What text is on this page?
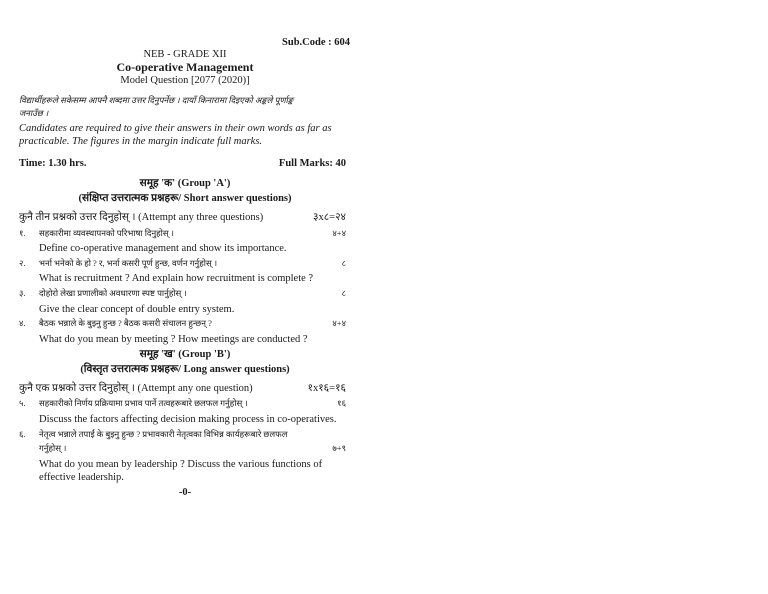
Sub.Code : 604
NEB - GRADE XII
Co-operative Management
Model Question [2077 (2020)]
विद्यार्थीहरूले सकेसम्म आफ्नै शब्दमा उत्तर दिनुपर्नेछ । दायाँ किनारामा दिइएको अङ्कले पूर्णाङ्क
जनाउँछ ।
Candidates are required to give their answers in their own words as far as
practicable. The figures in the margin indicate full marks.
Time: 1.30 hrs.	Full Marks: 40
समूह 'क' (Group 'A')
(संक्षिप्त उत्तरात्मक प्रश्नहरू/ Short answer questions)
कुनै तीन प्रश्नको उत्तर दिनुहोस् । (Attempt any three questions)	३x८=२४
१. सहकारीमा व्यवस्थापनको परिभाषा दिनुहोस् ।	४+४
Define co-operative management and show its importance.
२. भर्ना भनेको के हो ? र, भर्ना कसरी पूर्ण हुन्छ, वर्णन गर्नुहोस् ।	८
What is recruitment ? And explain how recruitment is complete ?
३. दोहोरो लेखा प्रणालीको अवधारणा स्पष्ट पार्नुहोस् ।	८
Give the clear concept of double entry system.
४. बैठक भन्नाले के बुझ्नु हुन्छ ? बैठक कसरी संचालन हुन्छन् ?	४+४
What do you mean by meeting ? How meetings are conducted ?
समूह 'ख' (Group 'B')
(विस्तृत उत्तरात्मक प्रश्नहरू/ Long answer questions)
कुनै एक प्रश्नको उत्तर दिनुहोस् । (Attempt any one question)	१x१६=१६
५. सहकारीको निर्णय प्रक्रियामा प्रभाव पार्ने तत्वहरूबारे छलफल गर्नुहोस् ।	१६
Discuss the factors affecting decision making process in co-operatives.
६. नेतृत्व भन्नाले तपाईं के बुझ्नु हुन्छ ? प्रभावकारी नेतृत्वका विभिन्न कार्यहरूबारे छलफल
गर्नुहोस् ।	७+९
What do you mean by leadership ? Discuss the various functions of
effective leadership.
-0-
